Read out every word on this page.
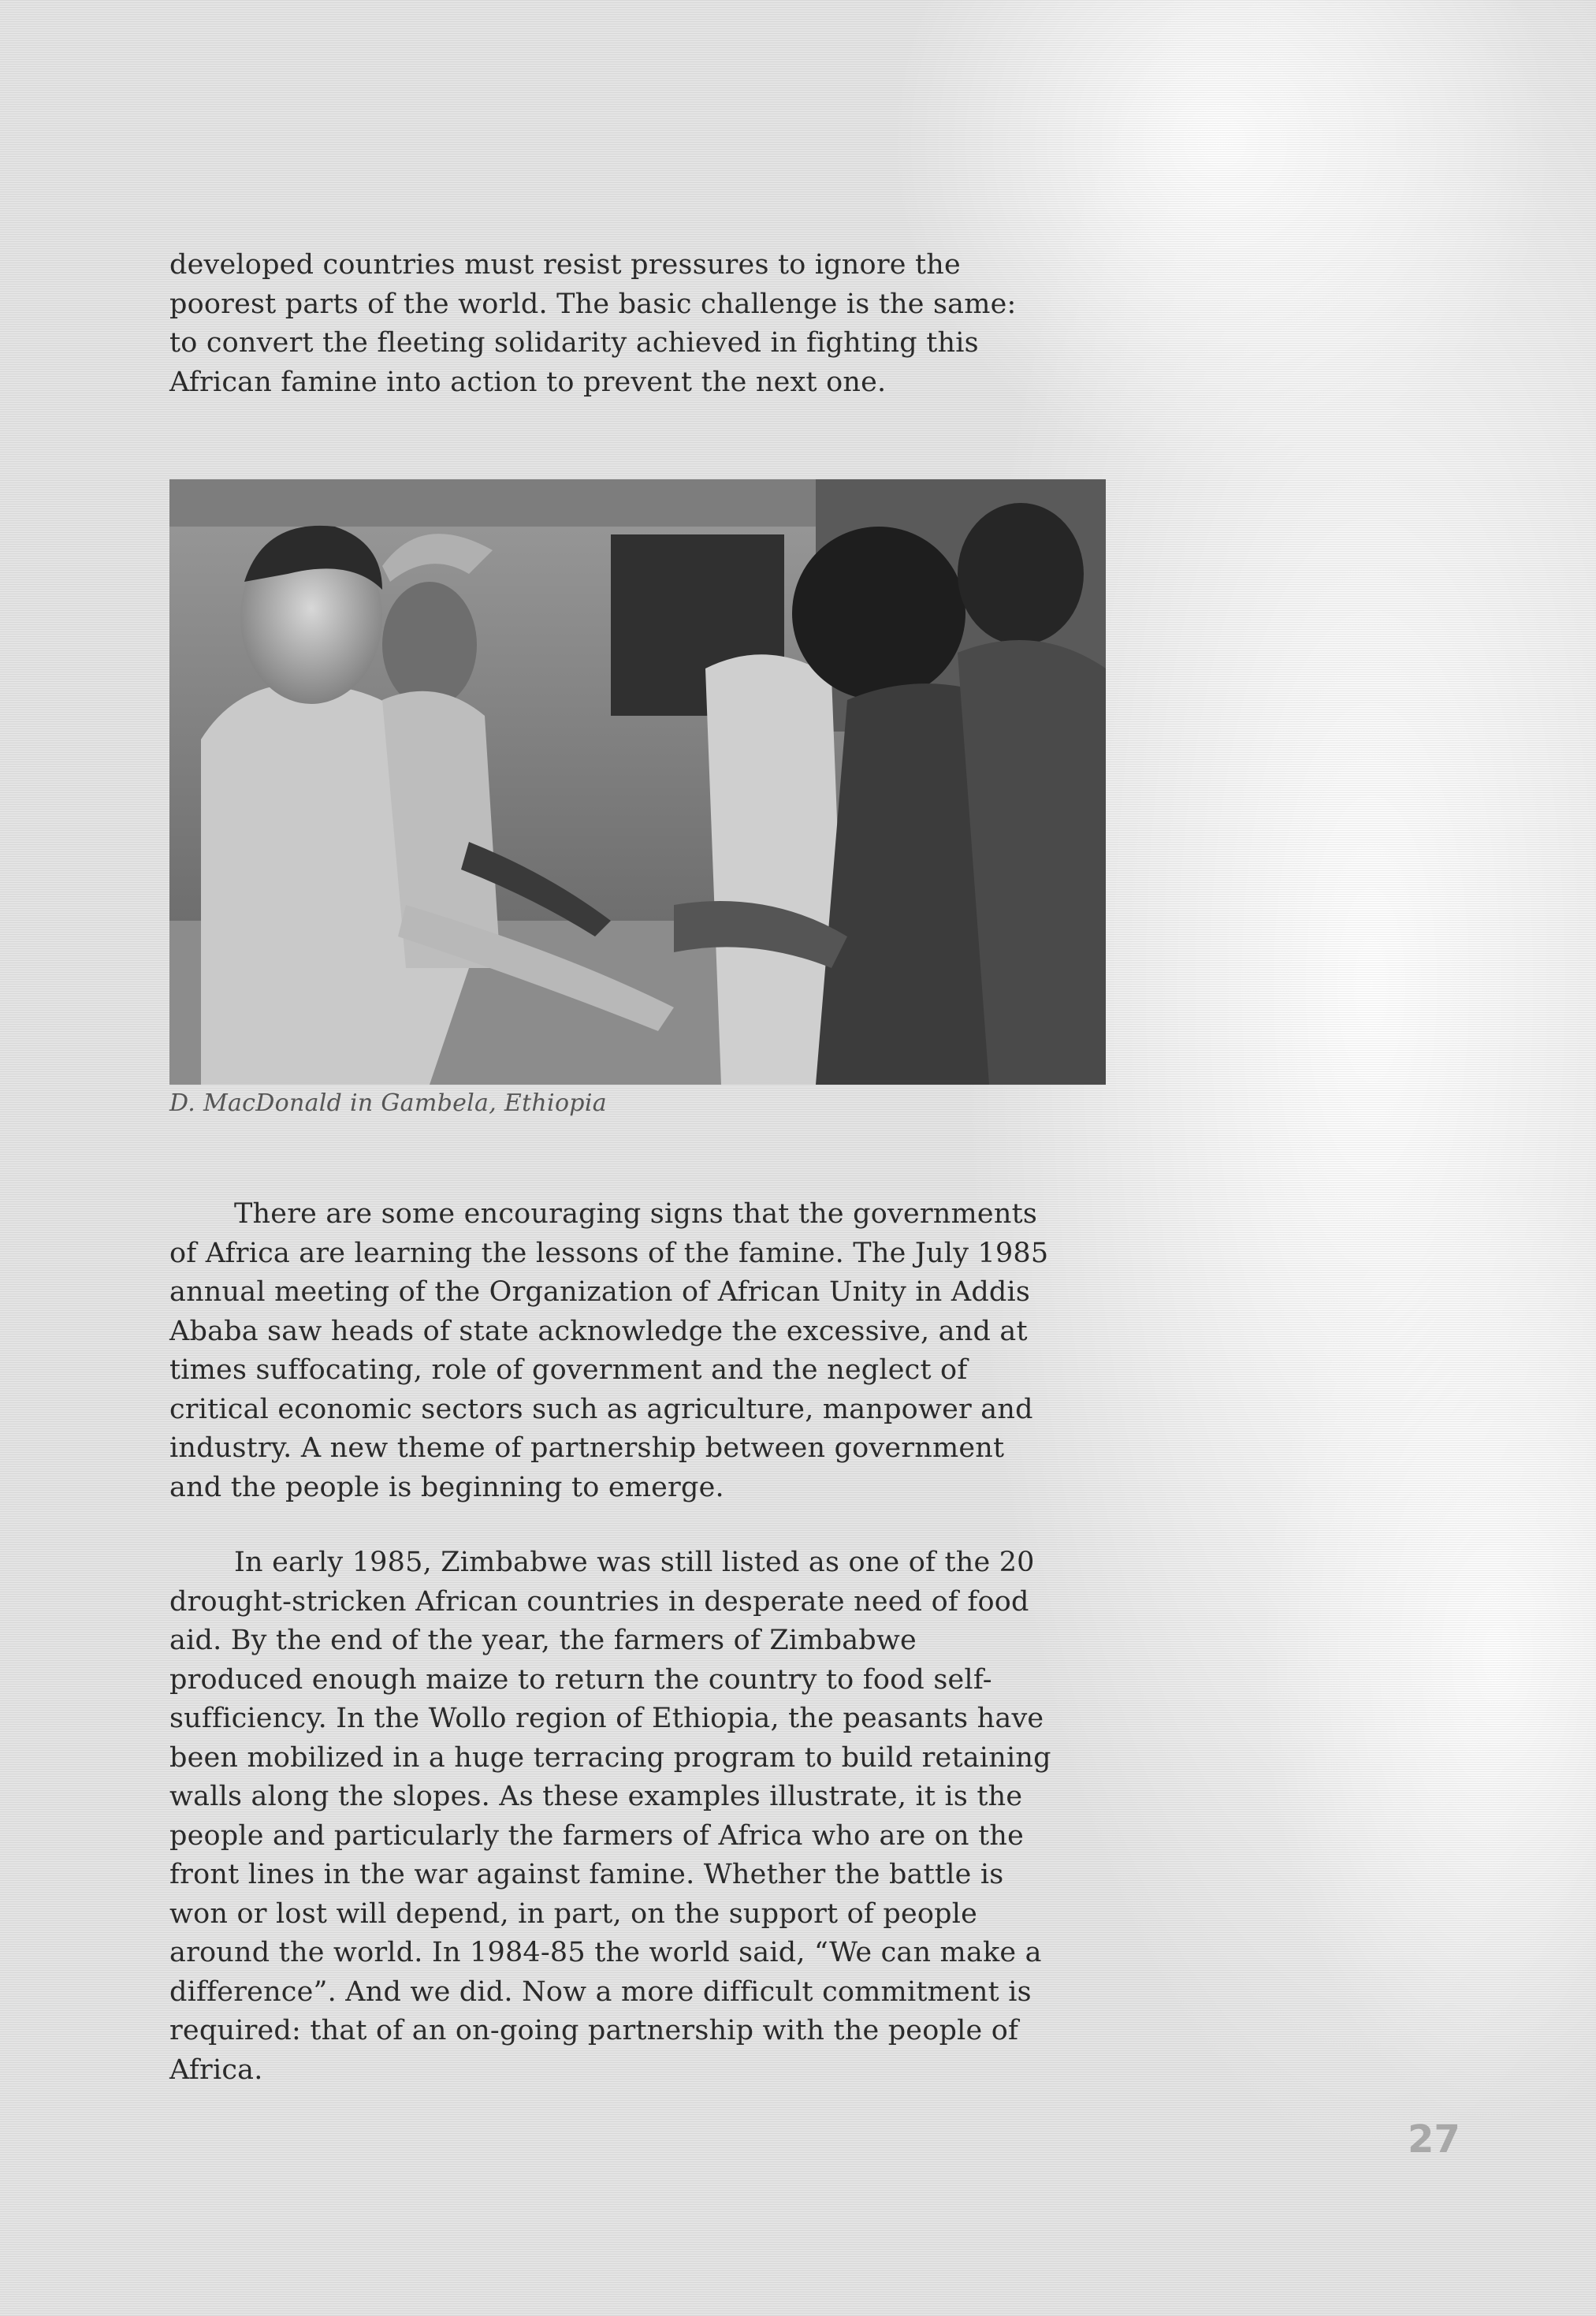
developed countries must resist pressures to ignore the poorest parts of the world. The basic challenge is the same: to convert the fleeting solidarity achieved in fighting this African famine into action to prevent the next one.

D. MacDonald in Gambela, Ethiopia

There are some encouraging signs that the governments of Africa are learning the lessons of the famine. The July 1985 annual meeting of the Organization of African Unity in Addis Ababa saw heads of state acknowledge the excessive, and at times suffocating, role of government and the neglect of critical economic sectors such as agriculture, manpower and industry. A new theme of partnership between government and the people is beginning to emerge.

In early 1985, Zimbabwe was still listed as one of the 20 drought-stricken African countries in desperate need of food aid. By the end of the year, the farmers of Zimbabwe produced enough maize to return the country to food self-sufficiency. In the Wollo region of Ethiopia, the peasants have been mobilized in a huge terracing program to build retaining walls along the slopes. As these examples illustrate, it is the people and particularly the farmers of Africa who are on the front lines in the war against famine. Whether the battle is won or lost will depend, in part, on the support of people around the world. In 1984-85 the world said, “We can make a difference”. And we did. Now a more difficult commitment is required: that of an on-going partnership with the people of Africa.

27
